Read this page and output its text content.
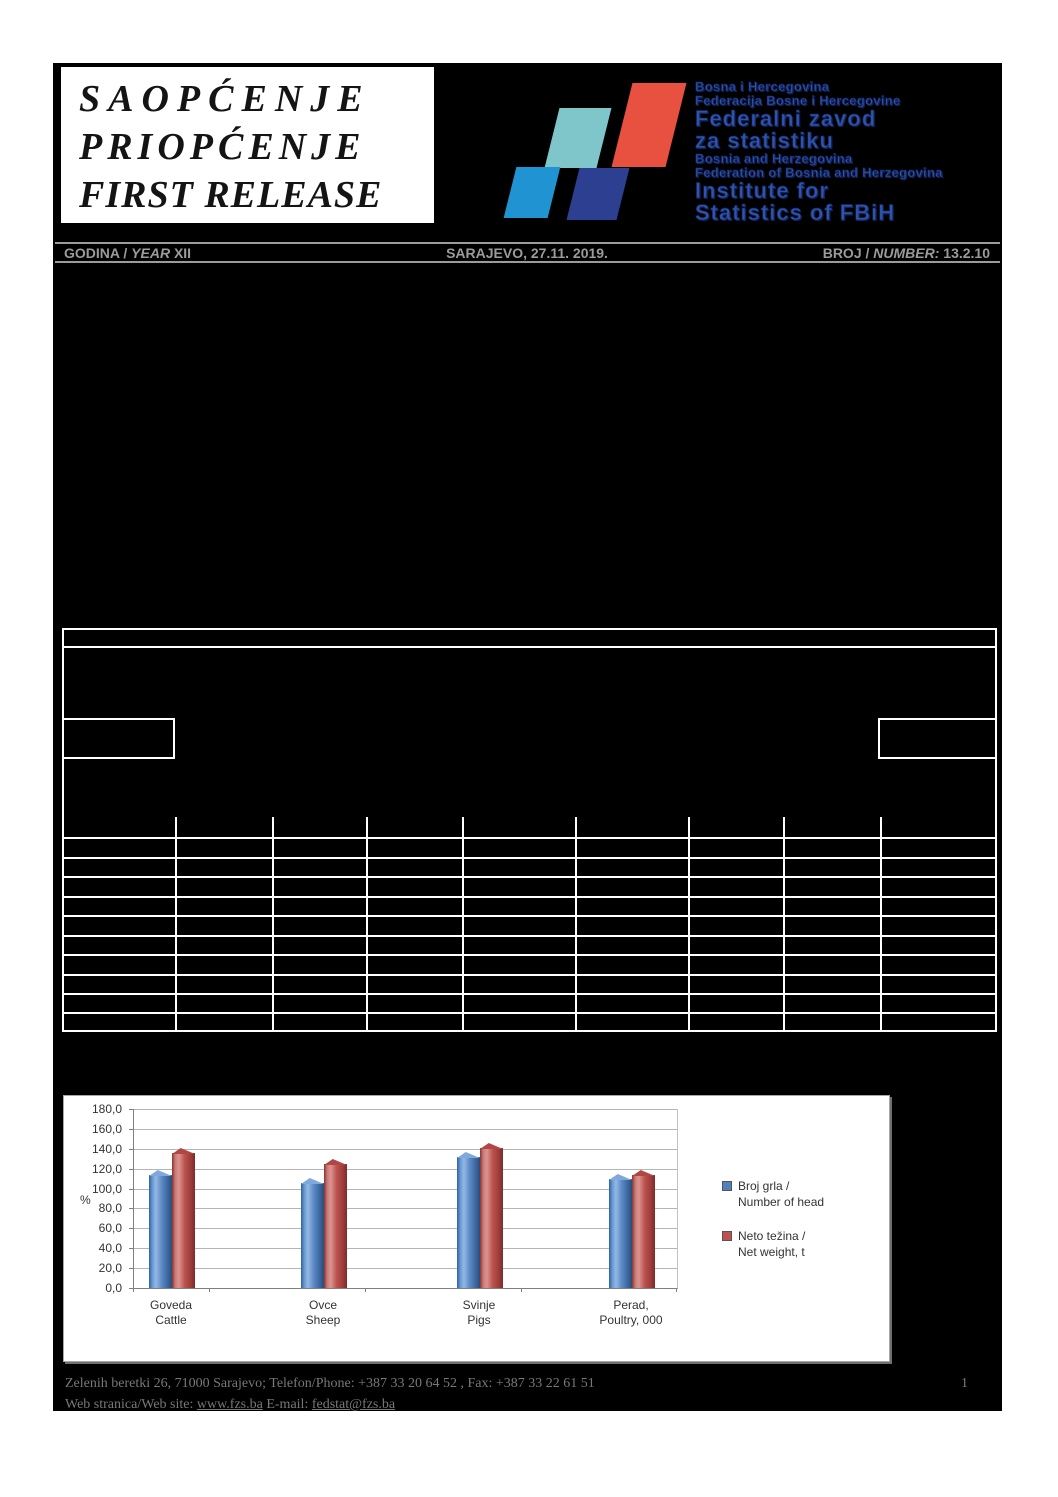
SAOPĆENJE
PRIOPĆENJE
FIRST RELEASE
Bosna i Hercegovina
Federacija Bosne i Hercegovine
Federalni zavod
za statistiku
Bosnia and Herzegovina
Federation of Bosnia and Herzegovina
Institute for
Statistics of FBiH
GODINA / YEAR XII	SARAJEVO, 27.11. 2019.	BROJ / NUMBER: 13.2.10
%
Broj grla /
Number of head
Neto težina /
Net weight, t
0,0
20,0
40,0
60,0
80,0
100,0
120,0
140,0
160,0
180,0
Goveda
Cattle
Ovce
Sheep
Svinje
Pigs
Perad,
Poultry, 000
Zelenih beretki 26, 71000 Sarajevo; Telefon/Phone: +387 33 20 64 52 , Fax: +387 33 22 61 51
Web stranica/Web site: www.fzs.ba E-mail: fedstat@fzs.ba
1
